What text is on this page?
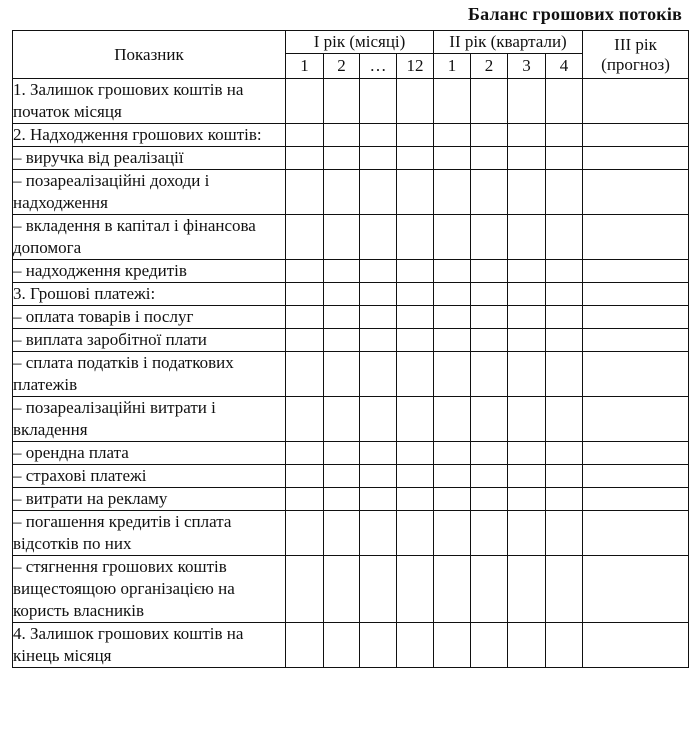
Баланс грошових потоків
Показник	І рік (місяці)				ІІ рік (квартали)				ІІІ рік (прогноз)
	1	2	…	12	1	2	3	4	
1. Залишок грошових коштів на початок місяця									
2. Надходження грошових коштів:									
– виручка від реалізації									
– позареалізаційні доходи і надходження									
– вкладення в капітал і фінансова допомога									
– надходження кредитів									
3. Грошові платежі:									
– оплата товарів і послуг									
– виплата заробітної плати									
– сплата податків і податкових платежів									
– позареалізаційні витрати і вкладення									
– орендна плата									
– страхові платежі									
– витрати на рекламу									
– погашення кредитів і сплата відсотків по них									
– стягнення грошових коштів вищестоящою організацією на користь власників									
4. Залишок грошових коштів на кінець місяця									
